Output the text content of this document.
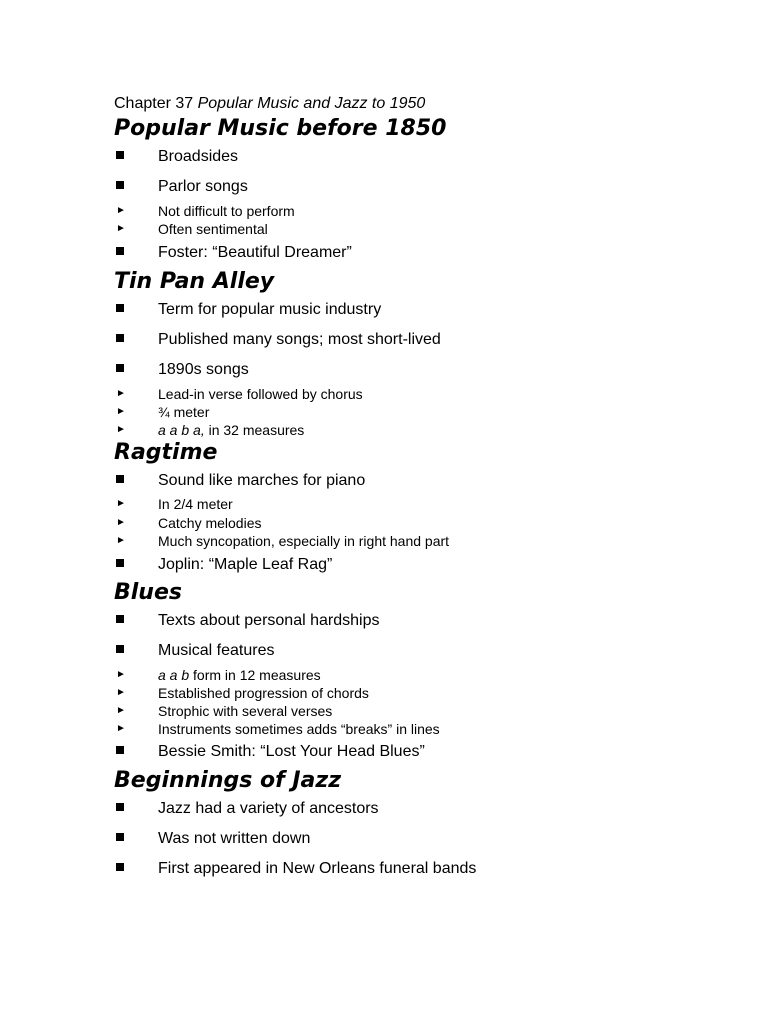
Chapter 37 Popular Music and Jazz to 1950
Popular Music before 1850
Broadsides
Parlor songs
► Not difficult to perform
► Often sentimental
Foster: “Beautiful Dreamer”
Tin Pan Alley
Term for popular music industry
Published many songs; most short-lived
1890s songs
► Lead-in verse followed by chorus
► ¾ meter
► a a b a, in 32 measures
Ragtime
Sound like marches for piano
► In 2/4 meter
► Catchy melodies
► Much syncopation, especially in right hand part
Joplin: “Maple Leaf Rag”
Blues
Texts about personal hardships
Musical features
► a a b form in 12 measures
► Established progression of chords
► Strophic with several verses
► Instruments sometimes adds “breaks” in lines
Bessie Smith: “Lost Your Head Blues”
Beginnings of Jazz
Jazz had a variety of ancestors
Was not written down
First appeared in New Orleans funeral bands
